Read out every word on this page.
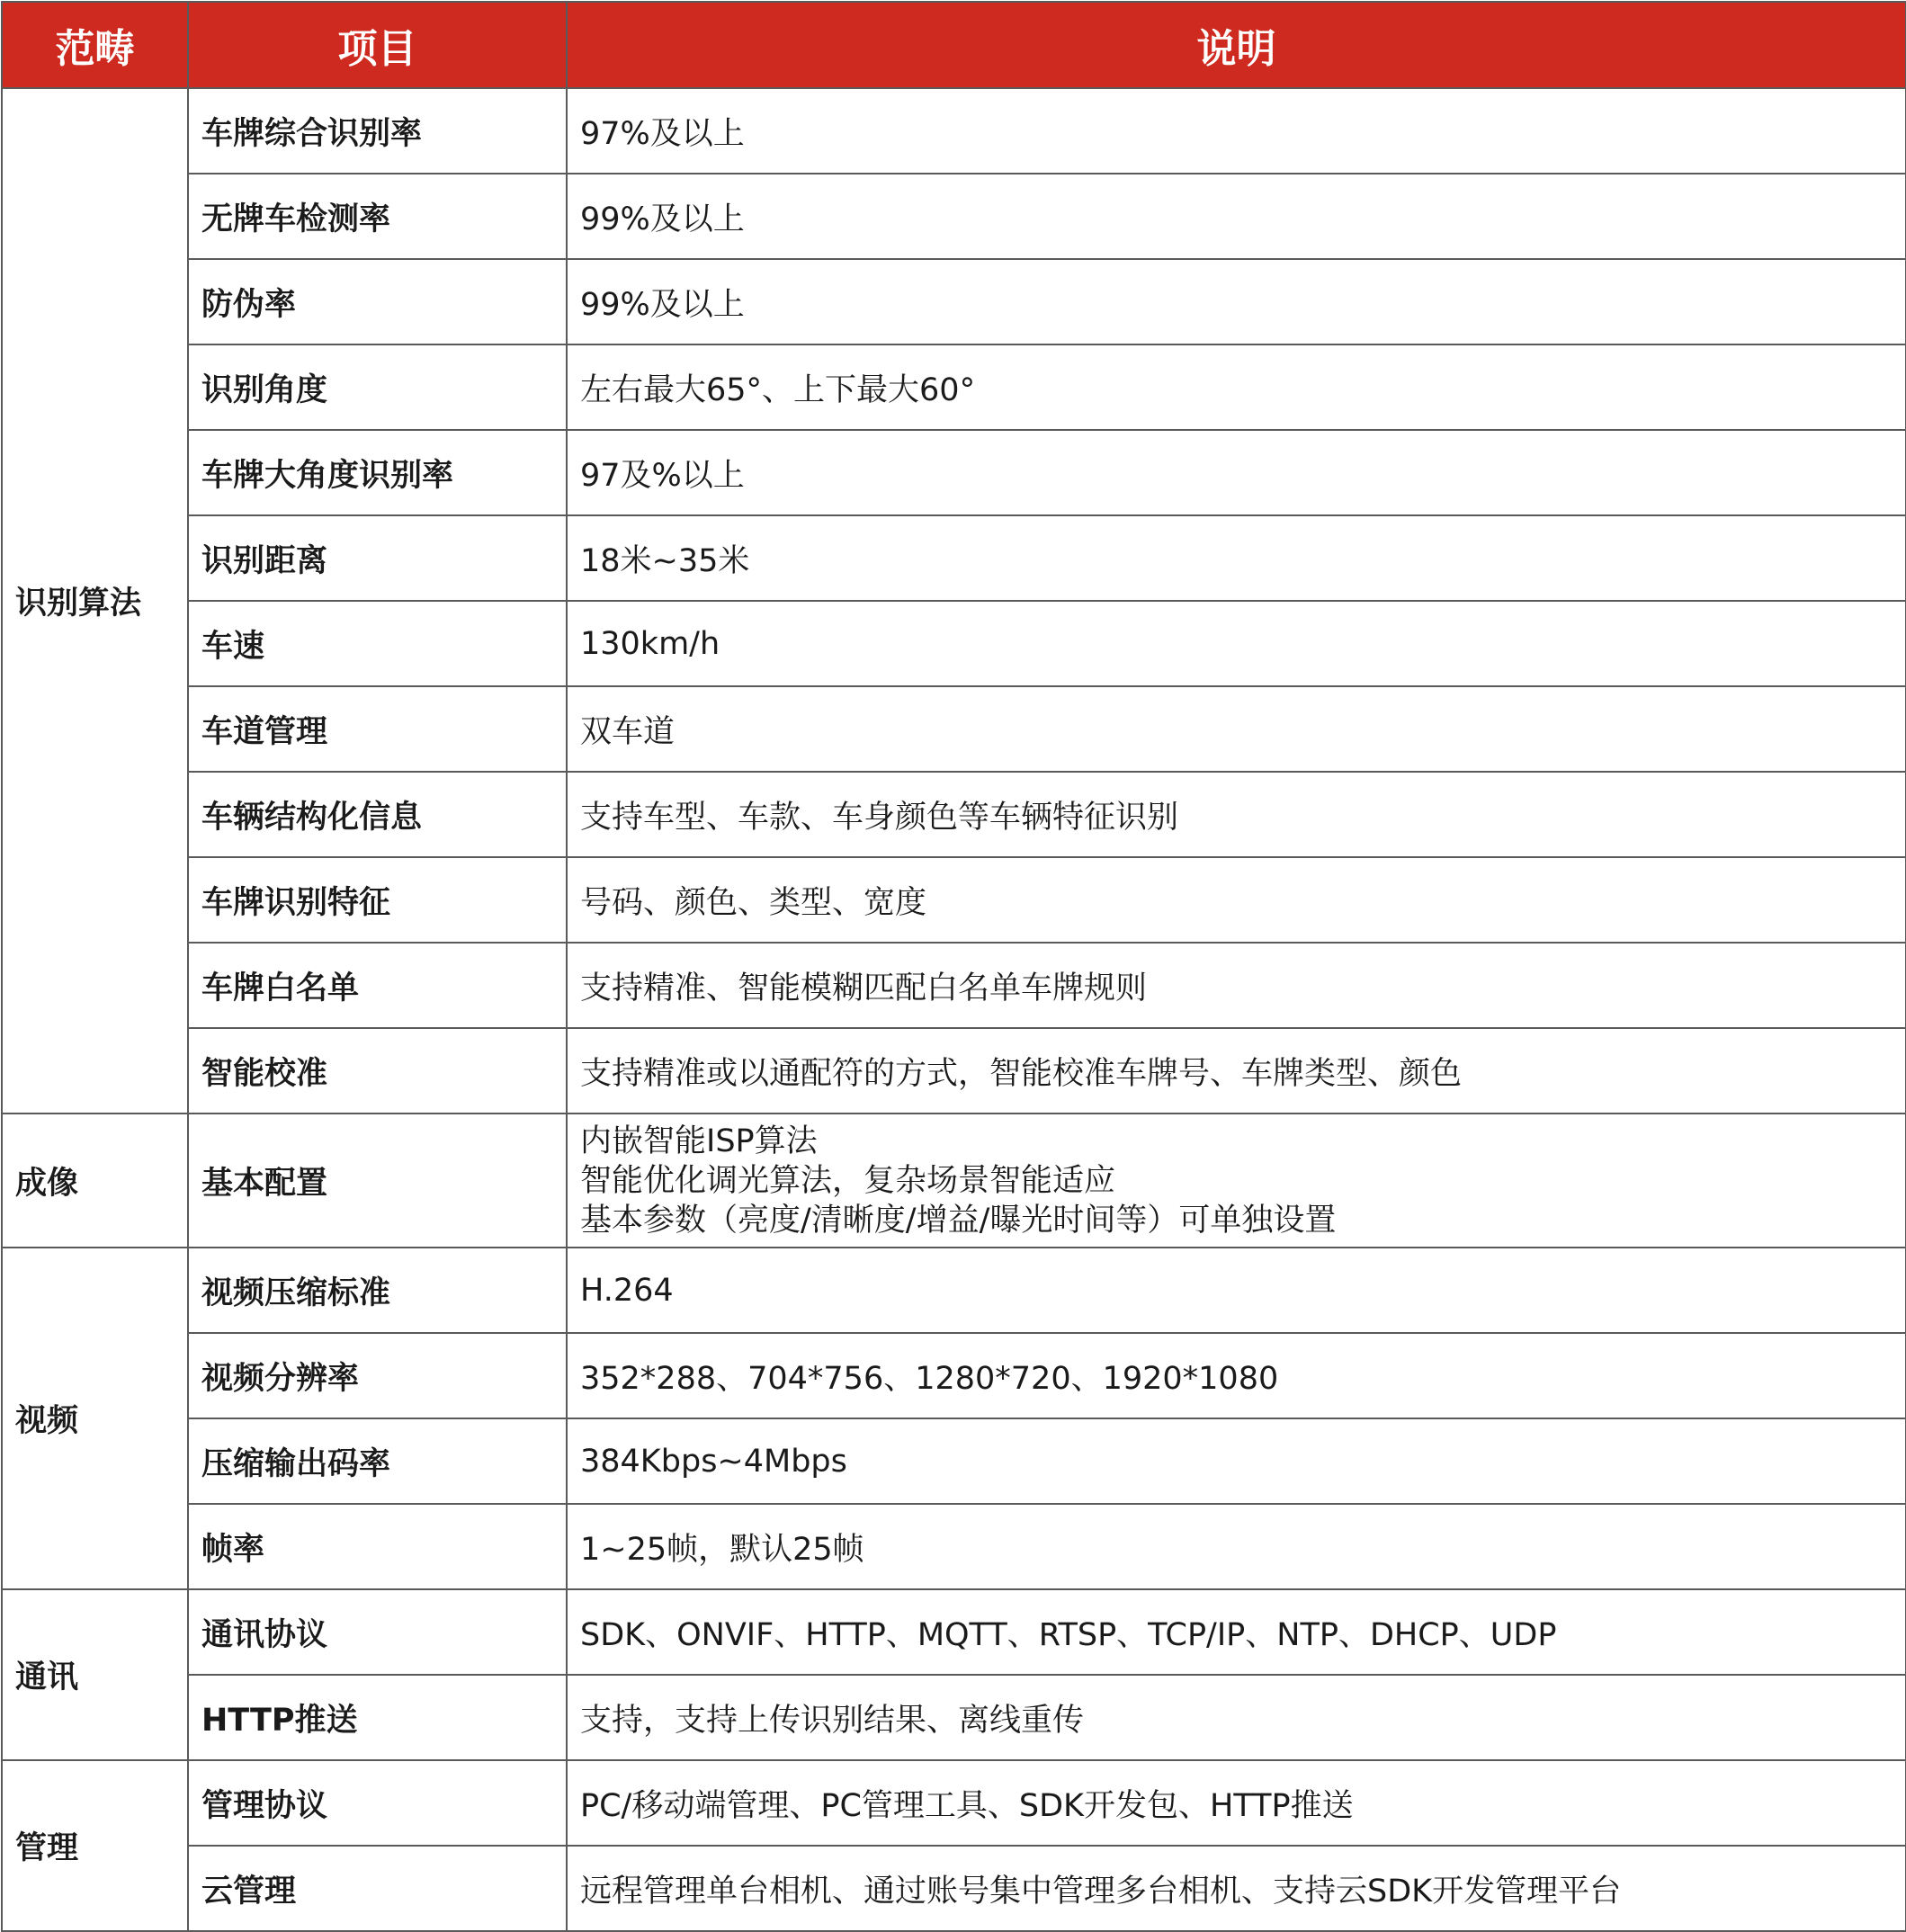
范畴	项目	说明
识别算法	车牌综合识别率	97%及以上
	无牌车检测率	99%及以上
	防伪率	99%及以上
	识别角度	左右最大65°、上下最大60°
	车牌大角度识别率	97及%以上
	识别距离	18米~35米
	车速	130km/h
	车道管理	双车道
	车辆结构化信息	支持车型、车款、车身颜色等车辆特征识别
	车牌识别特征	号码、颜色、类型、宽度
	车牌白名单	支持精准、智能模糊匹配白名单车牌规则
	智能校准	支持精准或以通配符的方式，智能校准车牌号、车牌类型、颜色
成像	基本配置	内嵌智能ISP算法
智能优化调光算法，复杂场景智能适应
基本参数（亮度/清晰度/增益/曝光时间等）可单独设置

视频	视频压缩标准	H.264
	视频分辨率	352*288、704*756、1280*720、1920*1080
	压缩输出码率	384Kbps~4Mbps
	帧率	1~25帧，默认25帧
通讯	通讯协议	SDK、ONVIF、HTTP、MQTT、RTSP、TCP/IP、NTP、DHCP、UDP
	HTTP推送	支持，支持上传识别结果、离线重传
管理	管理协议	PC/移动端管理、PC管理工具、SDK开发包、HTTP推送
	云管理	远程管理单台相机、通过账号集中管理多台相机、支持云SDK开发管理平台
